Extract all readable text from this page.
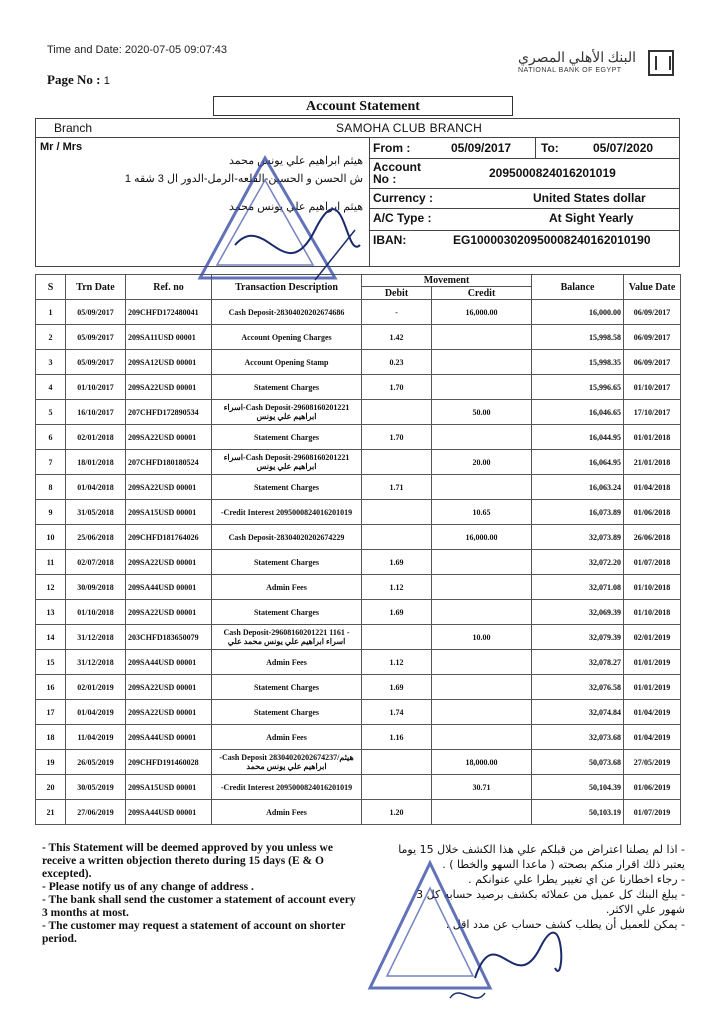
Time and Date: 2020-07-05 09:07:43
Page No : 1
البنك الأهلي المصري
NATIONAL BANK OF EGYPT
Account Statement
Branch	SAMOHA CLUB BRANCH
Mr / Mrs
هيثم ابراهيم علي يونس محمد
ش الحسن و الحسين-القلعه-الرمل-الدور ال 3 شقه 1
هيثم ابراهيم علي يونس محمد
From :	05/09/2017 To:	05/07/2020
Account No :	2095000824016201019
Currency :	United States dollar
A/C Type :	At Sight Yearly
IBAN:	EG100003020950008240162010190
S	Trn Date	Ref. no	Transaction Description	Movement		Balance	Value Date
				Debit	Credit		
1	05/09/2017	209CHFD172480041	Cash Deposit-28304020202674686	-	16,000.00	16,000.00	06/09/2017
2	05/09/2017	209SA11USD 00001	Account Opening Charges	1.42		15,998.58	06/09/2017
3	05/09/2017	209SA12USD 00001	Account Opening Stamp	0.23		15,998.35	06/09/2017
4	01/10/2017	209SA22USD 00001	Statement Charges	1.70		15,996.65	01/10/2017
5	16/10/2017	207CHFD172890534	اسراء-Cash Deposit-29608160201221 ابراهيم علي يونس		50.00	16,046.65	17/10/2017
6	02/01/2018	209SA22USD 00001	Statement Charges	1.70		16,044.95	01/01/2018
7	18/01/2018	207CHFD180180524	اسراء-Cash Deposit-29608160201221 ابراهيم علي يونس		20.00	16,064.95	21/01/2018
8	01/04/2018	209SA22USD 00001	Statement Charges	1.71		16,063.24	01/04/2018
9	31/05/2018	209SA15USD 00001	-Credit Interest 2095000824016201019		10.65	16,073.89	01/06/2018
10	25/06/2018	209CHFD181764026	Cash Deposit-28304020202674229		16,000.00	32,073.89	26/06/2018
11	02/07/2018	209SA22USD 00001	Statement Charges	1.69		32,072.20	01/07/2018
12	30/09/2018	209SA44USD 00001	Admin Fees	1.12		32,071.08	01/10/2018
13	01/10/2018	209SA22USD 00001	Statement Charges	1.69		32,069.39	01/10/2018
14	31/12/2018	203CHFD183650079	Cash Deposit-29608160201221 1161 - اسراء ابراهيم علي يونس محمد علي		10.00	32,079.39	02/01/2019
15	31/12/2018	209SA44USD 00001	Admin Fees	1.12		32,078.27	01/01/2019
16	02/01/2019	209SA22USD 00001	Statement Charges	1.69		32,076.58	01/01/2019
17	01/04/2019	209SA22USD 00001	Statement Charges	1.74		32,074.84	01/04/2019
18	11/04/2019	209SA44USD 00001	Admin Fees	1.16		32,073.68	01/04/2019
19	26/05/2019	209CHFD191460028	-Cash Deposit 28304020202674237/هيثم ابراهيم علي يونس محمد		18,000.00	50,073.68	27/05/2019
20	30/05/2019	209SA15USD 00001	-Credit Interest 2095000824016201019		30.71	50,104.39	01/06/2019
21	27/06/2019	209SA44USD 00001	Admin Fees	1.20		50,103.19	01/07/2019
- This Statement will be deemed approved by you unless we receive a written objection thereto during 15 days (E & O excepted).
- Please notify us of any change of address .
- The bank shall send the customer a statement of account every 3 months at most.
- The customer may request a statement of account on shorter period.
- اذا لم يصلنا اعتراض من قبلكم علي هذا الكشف خلال 15 يوما يعتبر ذلك اقرار منكم بصحته ( ماعدا السهو والخطا ) .
- رجاء اخطارنا عن اي تغيير يطرا علي عنوانكم .
- يبلغ البنك كل عميل من عملائه بكشف برصيد حسابه كل 3 شهور علي الاكثر.
- يمكن للعميل أن يطلب كشف حساب عن مدد اقل .
